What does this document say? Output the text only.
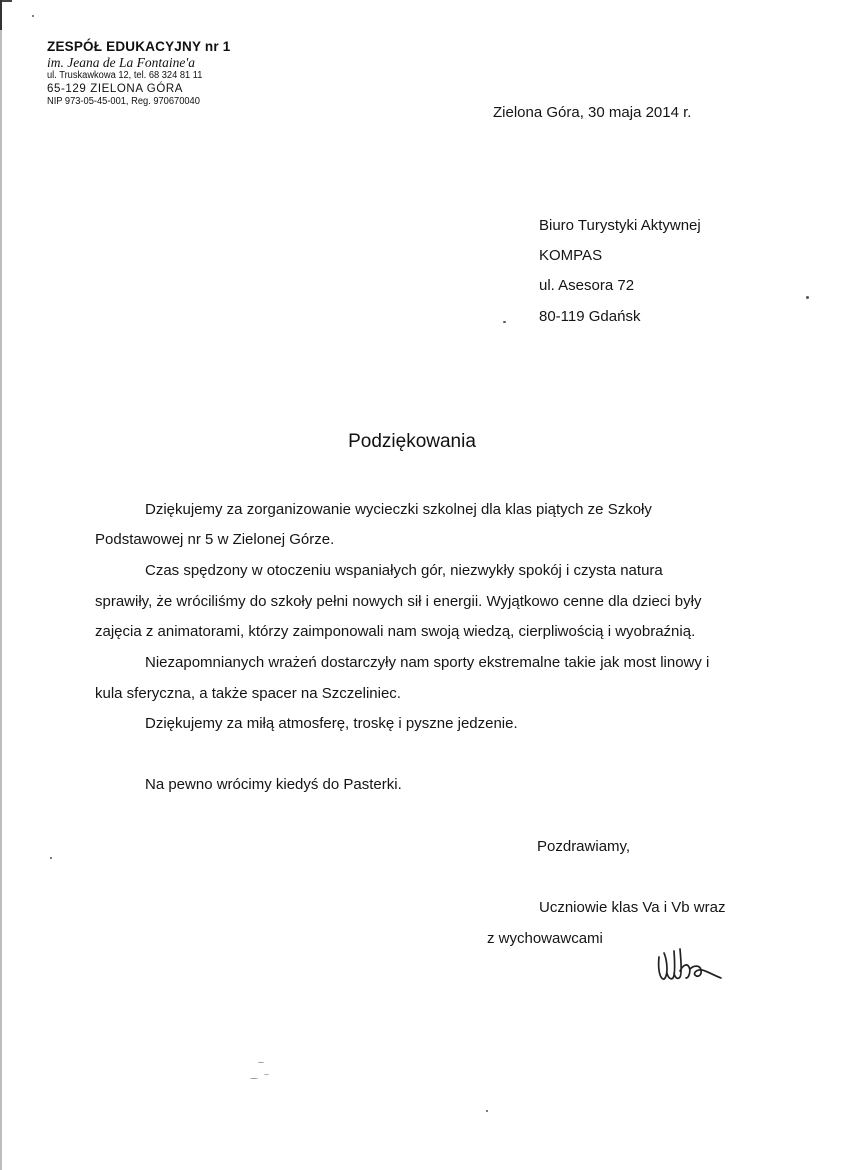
ZESPÓŁ EDUKACYJNY nr 1
im. Jeana de La Fontaine'a
ul. Truskawkowa 12, tel. 68 324 81 11
65-129 ZIELONA GÓRA
NIP 973-05-45-001, Reg. 970670040
Zielona Góra, 30 maja 2014 r.
Biuro Turystyki Aktywnej
KOMPAS
ul. Asesora 72
80-119 Gdańsk
Podziękowania
Dziękujemy za zorganizowanie wycieczki szkolnej dla klas piątych ze Szkoły
Podstawowej nr 5 w Zielonej Górze.
Czas spędzony w otoczeniu wspaniałych gór, niezwykły spokój i czysta natura
sprawiły, że wróciliśmy do szkoły pełni nowych sił i energii. Wyjątkowo cenne dla dzieci były
zajęcia z animatorami, którzy zaimponowali nam swoją wiedzą, cierpliwością i wyobraźnią.
Niezapomnianych wrażeń dostarczyły nam sporty ekstremalne takie jak most linowy i
kula sferyczna, a także spacer na Szczeliniec.
Dziękujemy za miłą atmosferę, troskę i pyszne jedzenie.
Na pewno wrócimy kiedyś do Pasterki.
Pozdrawiamy,
Uczniowie klas Va i Vb wraz
z wychowawcami
